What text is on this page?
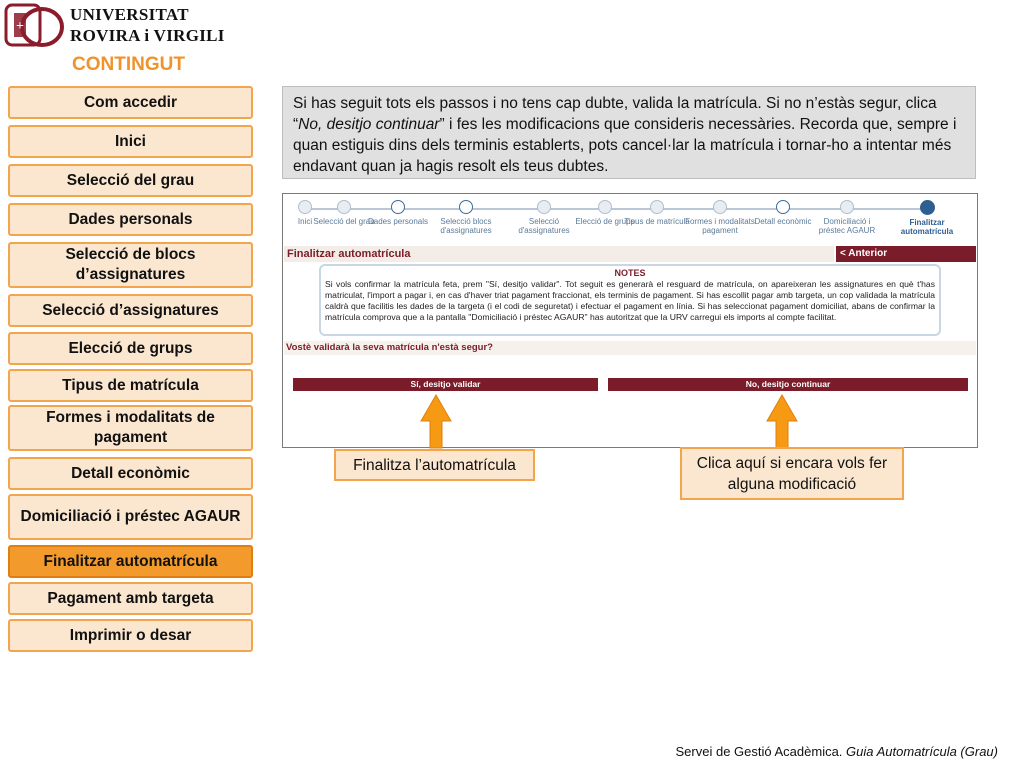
+
UNIVERSITAT
ROVIRA i VIRGILI
CONTINGUT
Com accedir
Inici
Selecció del grau
Dades personals
Selecció de blocs d’assignatures
Selecció d’assignatures
Elecció de grups
Tipus de matrícula
Formes i modalitats de pagament
Detall econòmic
Domiciliació i préstec AGAUR
Finalitzar automatrícula
Pagament amb targeta
Imprimir o desar
Si has seguit tots els passos i no tens cap dubte, valida la matrícula. Si no n’estàs segur, clica “No, desitjo continuar” i fes les modificacions que consideris necessàries. Recorda que, sempre i quan estiguis dins dels terminis establerts, pots cancel·lar la matrícula i tornar-ho a intentar més endavant quan ja hagis resolt els teus dubtes.
Inici Selecció del grau
Dades personals	Selecció blocs d'assignatures
Selecció d'assignatures
Elecció de grups
Tipus de matrícula
Formes i modalitats pagament
Detall econòmic	Domiciliació i préstec AGAUR
Finalitzar automatrícula
Finalitzar automatrícula	< Anterior
NOTES
Si vols confirmar la matrícula feta, prem "Sí, desitjo validar". Tot seguit es generarà el resguard de matrícula, on apareixeran les assignatures en què t'has matriculat, l'import a pagar i, en cas d'haver triat pagament fraccionat, els terminis de pagament. Si has escollit pagar amb targeta, un cop validada la matrícula caldrà que facilitis les dades de la targeta (i el codi de seguretat) i efectuar el pagament en línia. Si has seleccionat pagament domiciliat, abans de confirmar la matrícula comprova que a la pantalla "Domiciliació i préstec AGAUR" has autoritzat que la URV carregui els imports al compte facilitat.
Vostè validarà la seva matrícula n'està segur?
Sí, desitjo validar	No, desitjo continuar
Finalitza l’automatrícula	Clica aquí si encara vols fer alguna modificació
Servei de Gestió Acadèmica. Guia Automatrícula (Grau)
